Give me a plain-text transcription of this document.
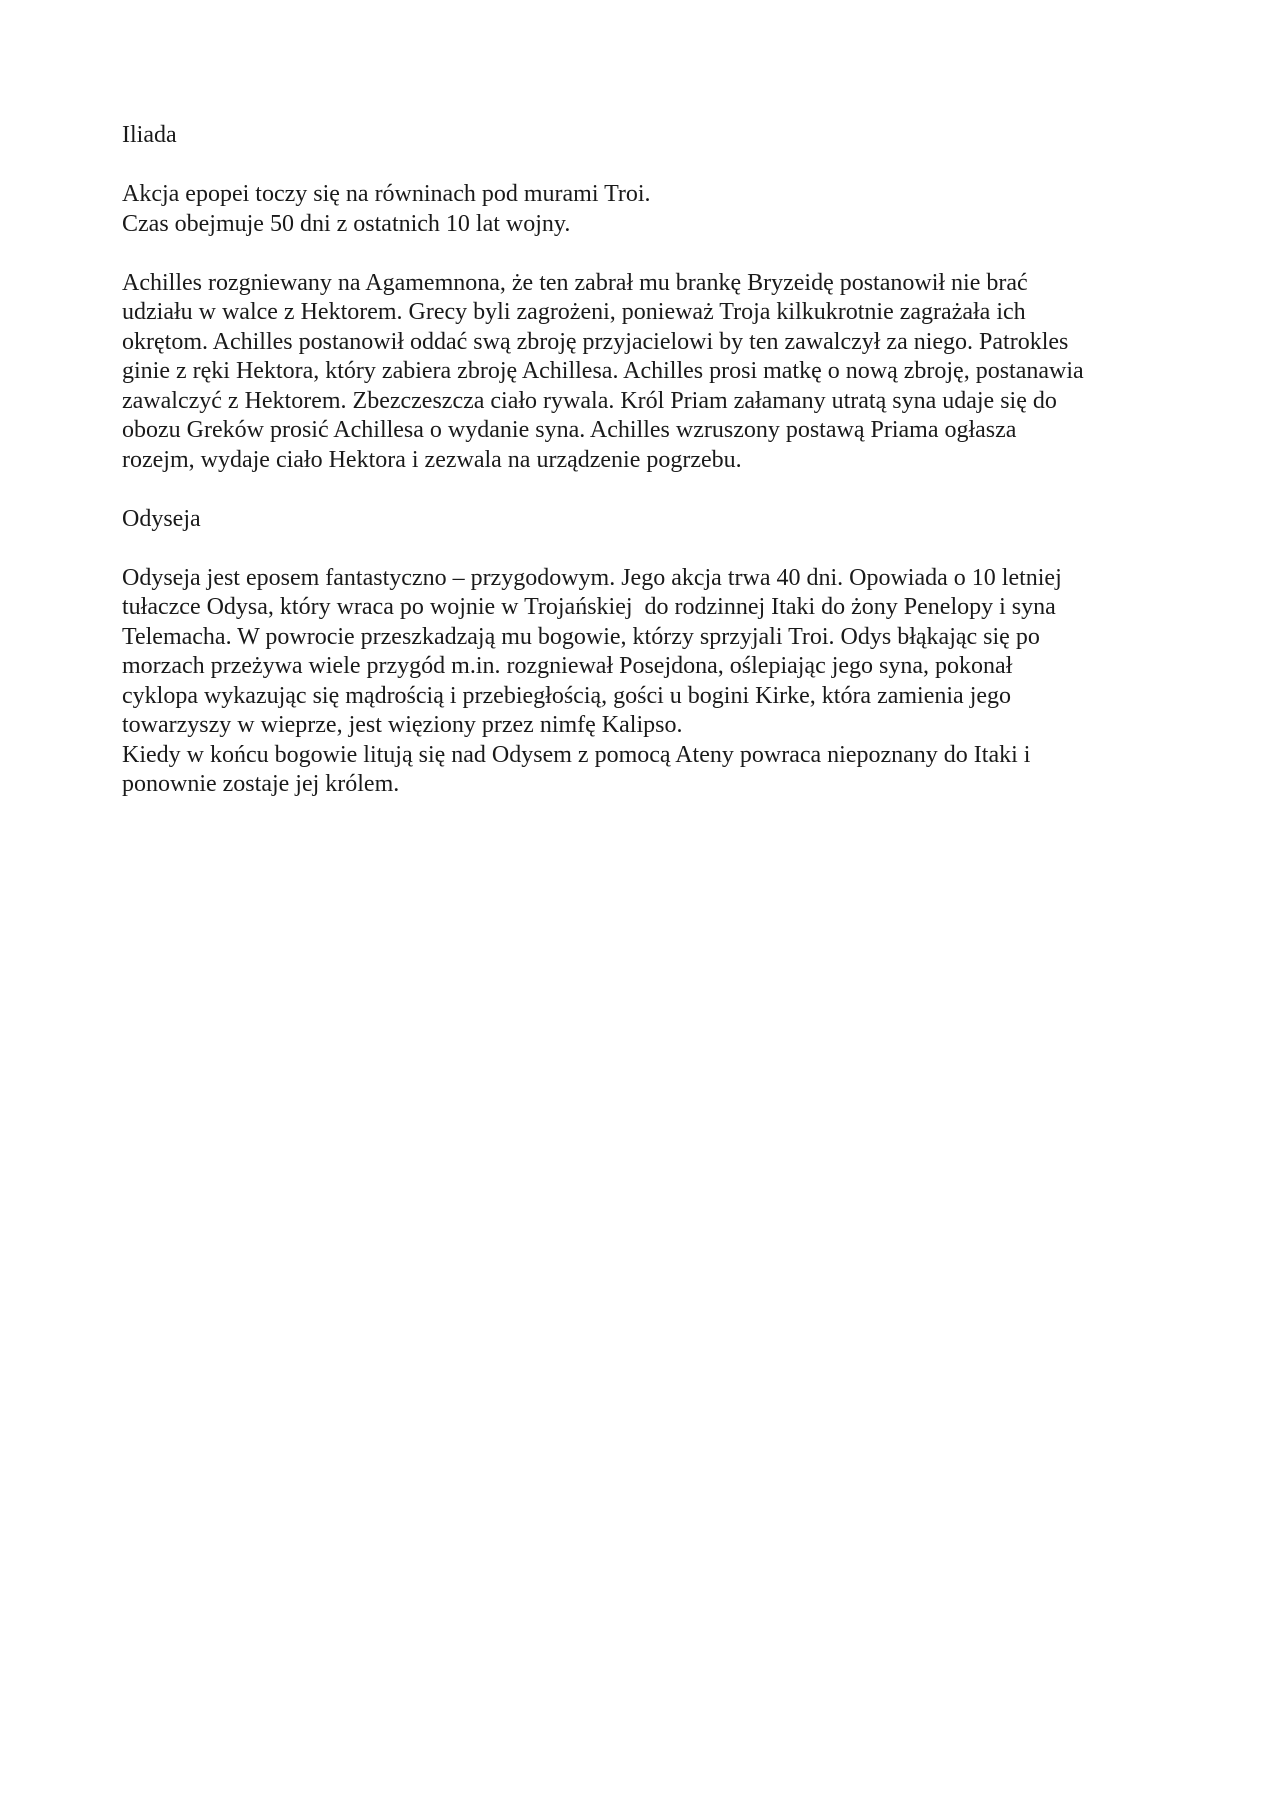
Iliada
Akcja epopei toczy się na równinach pod murami Troi.
Czas obejmuje 50 dni z ostatnich 10 lat wojny.
Achilles rozgniewany na Agamemnona, że ten zabrał mu brankę Bryzeidę postanowił nie brać
udziału w walce z Hektorem. Grecy byli zagrożeni, ponieważ Troja kilkukrotnie zagrażała ich
okrętom. Achilles postanowił oddać swą zbroję przyjacielowi by ten zawalczył za niego. Patrokles
ginie z ręki Hektora, który zabiera zbroję Achillesa. Achilles prosi matkę o nową zbroję, postanawia
zawalczyć z Hektorem. Zbezczeszcza ciało rywala. Król Priam załamany utratą syna udaje się do
obozu Greków prosić Achillesa o wydanie syna. Achilles wzruszony postawą Priama ogłasza
rozejm, wydaje ciało Hektora i zezwala na urządzenie pogrzebu.
Odyseja
Odyseja jest eposem fantastyczno – przygodowym. Jego akcja trwa 40 dni. Opowiada o 10 letniej
tułaczce Odysa, który wraca po wojnie w Trojańskiej  do rodzinnej Itaki do żony Penelopy i syna
Telemacha. W powrocie przeszkadzają mu bogowie, którzy sprzyjali Troi. Odys błąkając się po
morzach przeżywa wiele przygód m.in. rozgniewał Posejdona, oślepiając jego syna, pokonał
cyklopa wykazując się mądrością i przebiegłością, gości u bogini Kirke, która zamienia jego
towarzyszy w wieprze, jest więziony przez nimfę Kalipso.
Kiedy w końcu bogowie litują się nad Odysem z pomocą Ateny powraca niepoznany do Itaki i
ponownie zostaje jej królem.
